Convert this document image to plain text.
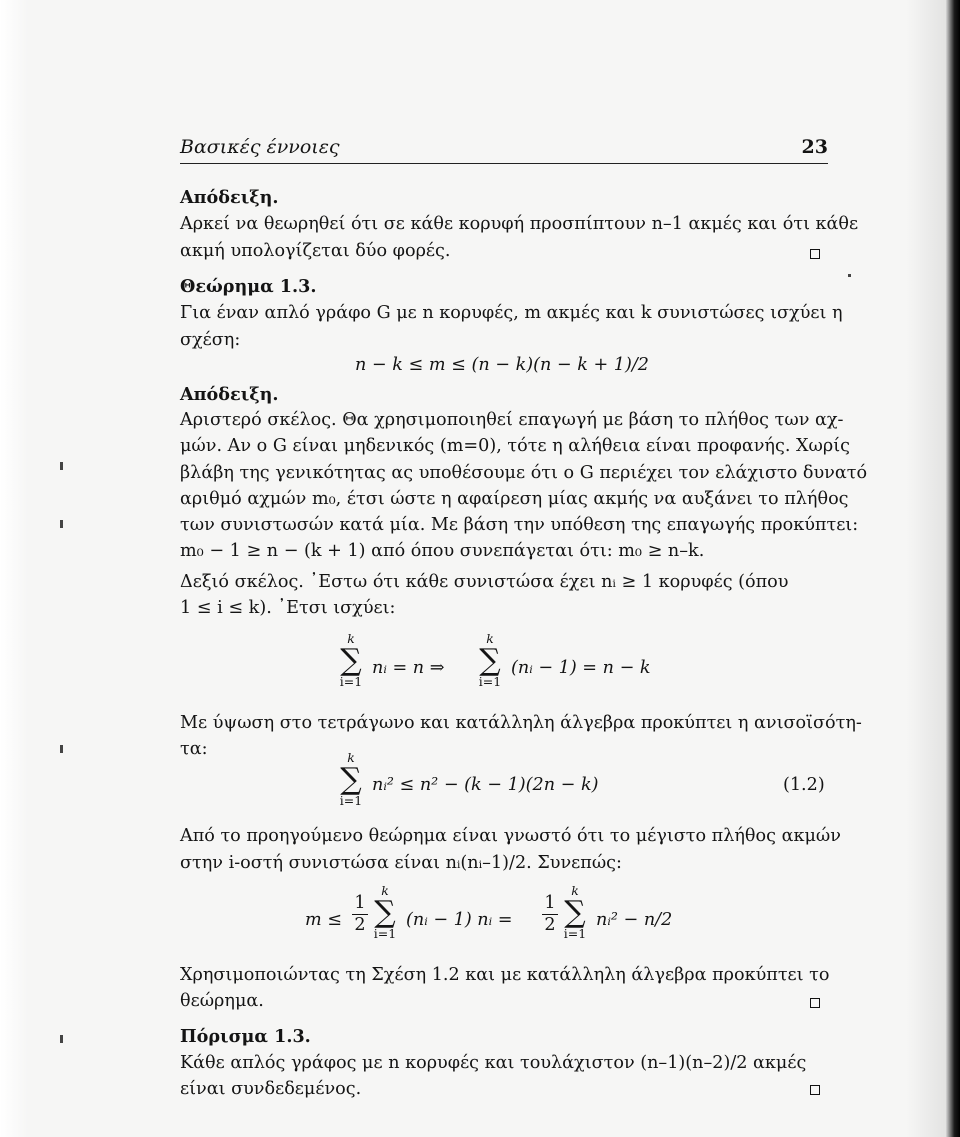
Βασικές έννοιες	23
Απόδειξη.
Αρκεί να θεωρηθεί ότι σε κάθε κορυφή προσπίπτουν n–1 ακμές και ότι κάθε
ακμή υπολογίζεται δύο φορές.
Θεώρημα 1.3.
Για έναν απλό γράφο G με n κορυφές, m ακμές και k συνιστώσες ισχύει η
σχέση:
n − k ≤ m ≤ (n − k)(n − k + 1)/2
Απόδειξη.
Αριστερό σκέλος. Θα χρησιμοποιηθεί επαγωγή με βάση το πλήθος των αχ-
μών. Αν ο G είναι μηδενικός (m=0), τότε η αλήθεια είναι προφανής. Χωρίς
βλάβη της γενικότητας ας υποθέσουμε ότι ο G περιέχει τον ελάχιστο δυνατό
αριθμό αχμών m₀, έτσι ώστε η αφαίρεση μίας ακμής να αυξάνει το πλήθος
των συνιστωσών κατά μία. Με βάση την υπόθεση της επαγωγής προκύπτει:
m₀ − 1 ≥ n − (k + 1) από όπου συνεπάγεται ότι: m₀ ≥ n–k.
Δεξιό σκέλος. ᾿Εστω ότι κάθε συνιστώσα έχει nᵢ ≥ 1 κορυφές (όπου
1 ≤ i ≤ k). ᾿Ετσι ισχύει:
k
∑
i=1
nᵢ = n ⇒
k
∑
i=1
(nᵢ − 1) = n − k
Με ύψωση στο τετράγωνο και κατάλληλη άλγεβρα προκύπτει η ανισοϊσότη-
τα:	k
∑
i=1
nᵢ² ≤ n² − (k − 1)(2n − k)	(1.2)
Από το προηγούμενο θεώρημα είναι γνωστό ότι το μέγιστο πλήθος ακμών
στην i-οστή συνιστώσα είναι nᵢ(nᵢ–1)/2. Συνεπώς:
m ≤
1
2
k
∑
i=1
(nᵢ − 1) nᵢ =
1
2
k
∑
i=1
nᵢ² − n/2
Χρησιμοποιώντας τη Σχέση 1.2 και με κατάλληλη άλγεβρα προκύπτει το
θεώρημα.
Πόρισμα 1.3.
Κάθε απλός γράφος με n κορυφές και τουλάχιστον (n–1)(n–2)/2 ακμές
είναι συνδεδεμένος.
